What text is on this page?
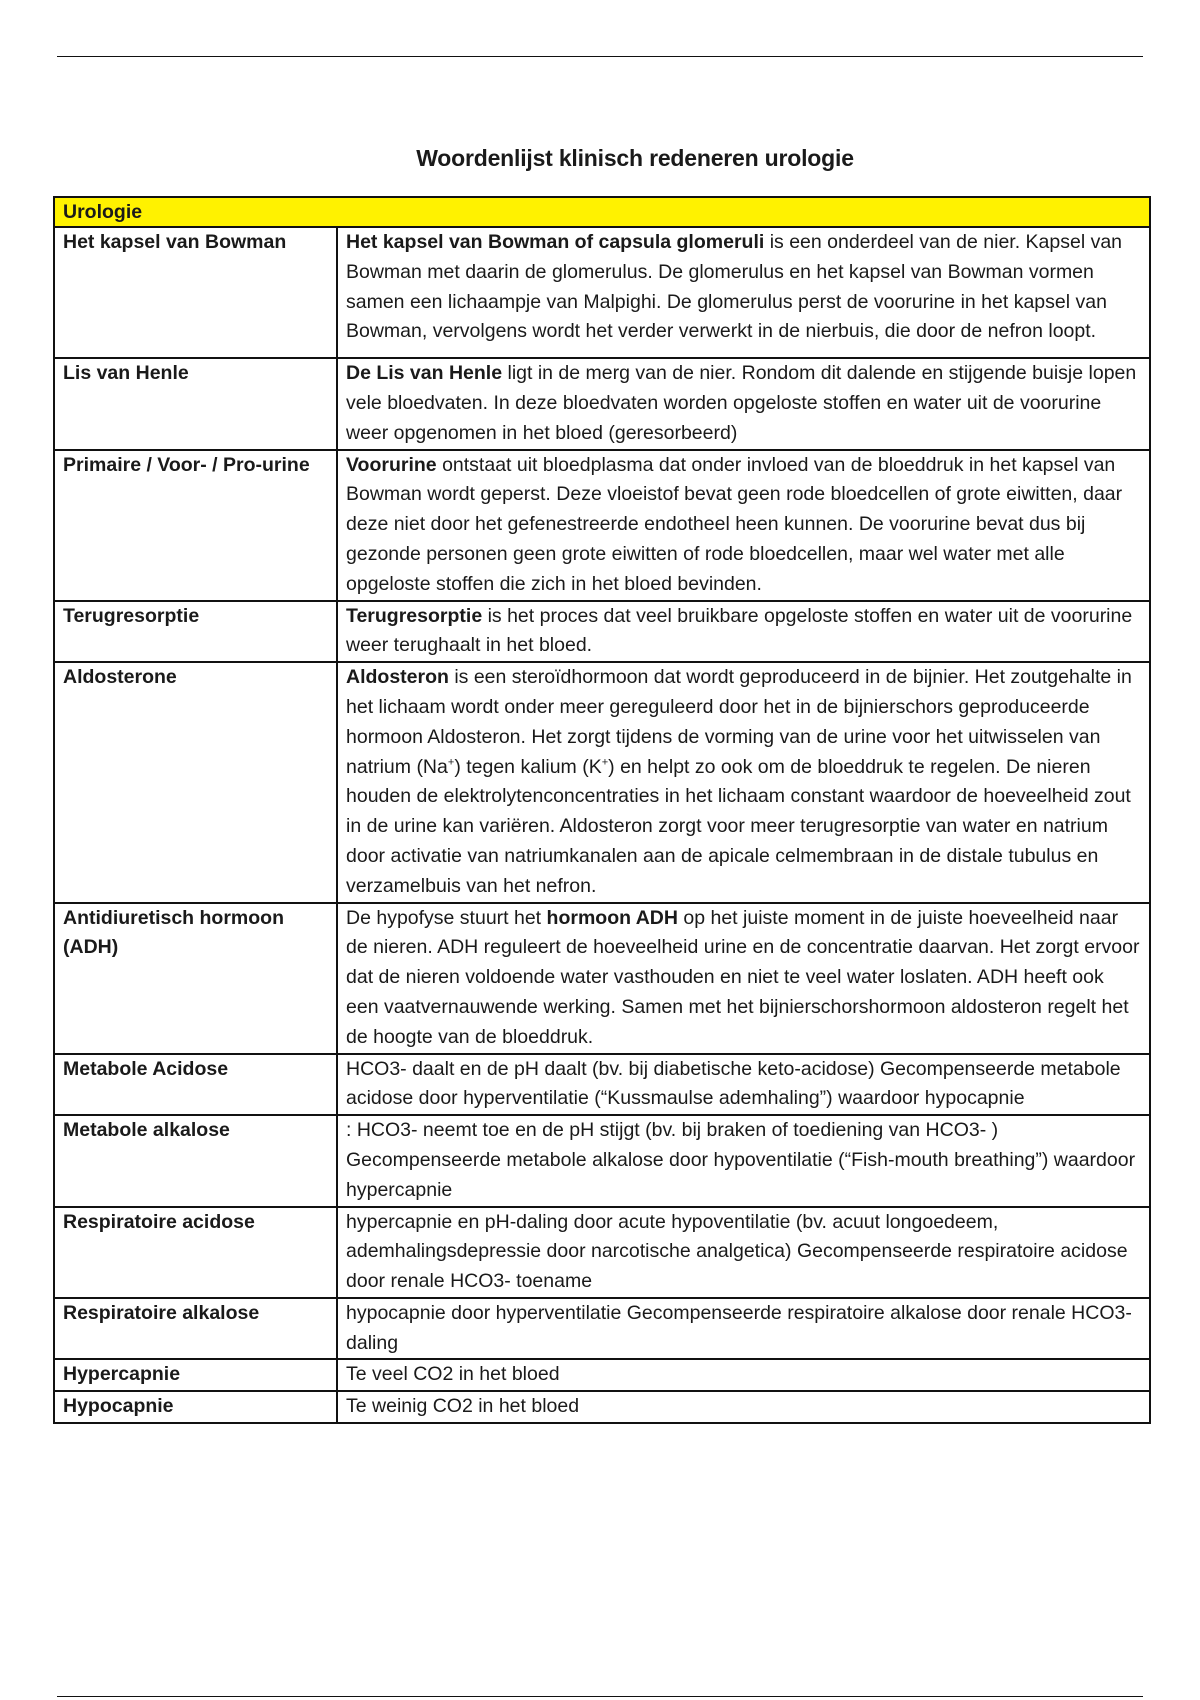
Woordenlijst klinisch redeneren urologie
Urologie	
Het kapsel van Bowman	Het kapsel van Bowman of capsula glomeruli is een onderdeel van de nier. Kapsel van Bowman met daarin de glomerulus. De glomerulus en het kapsel van Bowman vormen samen een lichaampje van Malpighi. De glomerulus perst de voorurine in het kapsel van Bowman, vervolgens wordt het verder verwerkt in de nierbuis, die door de nefron loopt.
Lis van Henle	De Lis van Henle ligt in de merg van de nier. Rondom dit dalende en stijgende buisje lopen vele bloedvaten. In deze bloedvaten worden opgeloste stoffen en water uit de voorurine weer opgenomen in het bloed (geresorbeerd)
Primaire / Voor- / Pro-urine	Voorurine ontstaat uit bloedplasma dat onder invloed van de bloeddruk in het kapsel van Bowman wordt geperst. Deze vloeistof bevat geen rode bloedcellen of grote eiwitten, daar deze niet door het gefenestreerde endotheel heen kunnen. De voorurine bevat dus bij gezonde personen geen grote eiwitten of rode bloedcellen, maar wel water met alle opgeloste stoffen die zich in het bloed bevinden.
Terugresorptie	Terugresorptie is het proces dat veel bruikbare opgeloste stoffen en water uit de voorurine weer terughaalt in het bloed.
Aldosterone	Aldosteron is een steroïdhormoon dat wordt geproduceerd in de bijnier. Het zoutgehalte in het lichaam wordt onder meer gereguleerd door het in de bijnierschors geproduceerde hormoon Aldosteron. Het zorgt tijdens de vorming van de urine voor het uitwisselen van natrium (Na+) tegen kalium (K+) en helpt zo ook om de bloeddruk te regelen. De nieren houden de elektrolytenconcentraties in het lichaam constant waardoor de hoeveelheid zout in de urine kan variëren. Aldosteron zorgt voor meer terugresorptie van water en natrium door activatie van natriumkanalen aan de apicale celmembraan in de distale tubulus en verzamelbuis van het nefron.
Antidiuretisch hormoon (ADH)	De hypofyse stuurt het hormoon ADH op het juiste moment in de juiste hoeveelheid naar de nieren. ADH reguleert de hoeveelheid urine en de concentratie daarvan. Het zorgt ervoor dat de nieren voldoende water vasthouden en niet te veel water loslaten. ADH heeft ook een vaatvernauwende werking. Samen met het bijnierschorshormoon aldosteron regelt het de hoogte van de bloeddruk.
Metabole Acidose	HCO3- daalt en de pH daalt (bv. bij diabetische keto-acidose) Gecompenseerde metabole acidose door hyperventilatie (“Kussmaulse ademhaling”) waardoor hypocapnie
Metabole alkalose	: HCO3- neemt toe en de pH stijgt (bv. bij braken of toediening van HCO3- ) Gecompenseerde metabole alkalose door hypoventilatie (“Fish-mouth breathing”) waardoor hypercapnie
Respiratoire acidose	hypercapnie en pH-daling door acute hypoventilatie (bv. acuut longoedeem, ademhalingsdepressie door narcotische analgetica) Gecompenseerde respiratoire acidose door renale HCO3- toename
Respiratoire alkalose	hypocapnie door hyperventilatie Gecompenseerde respiratoire alkalose door renale HCO3- daling
Hypercapnie	Te veel CO2 in het bloed
Hypocapnie	Te weinig CO2 in het bloed
